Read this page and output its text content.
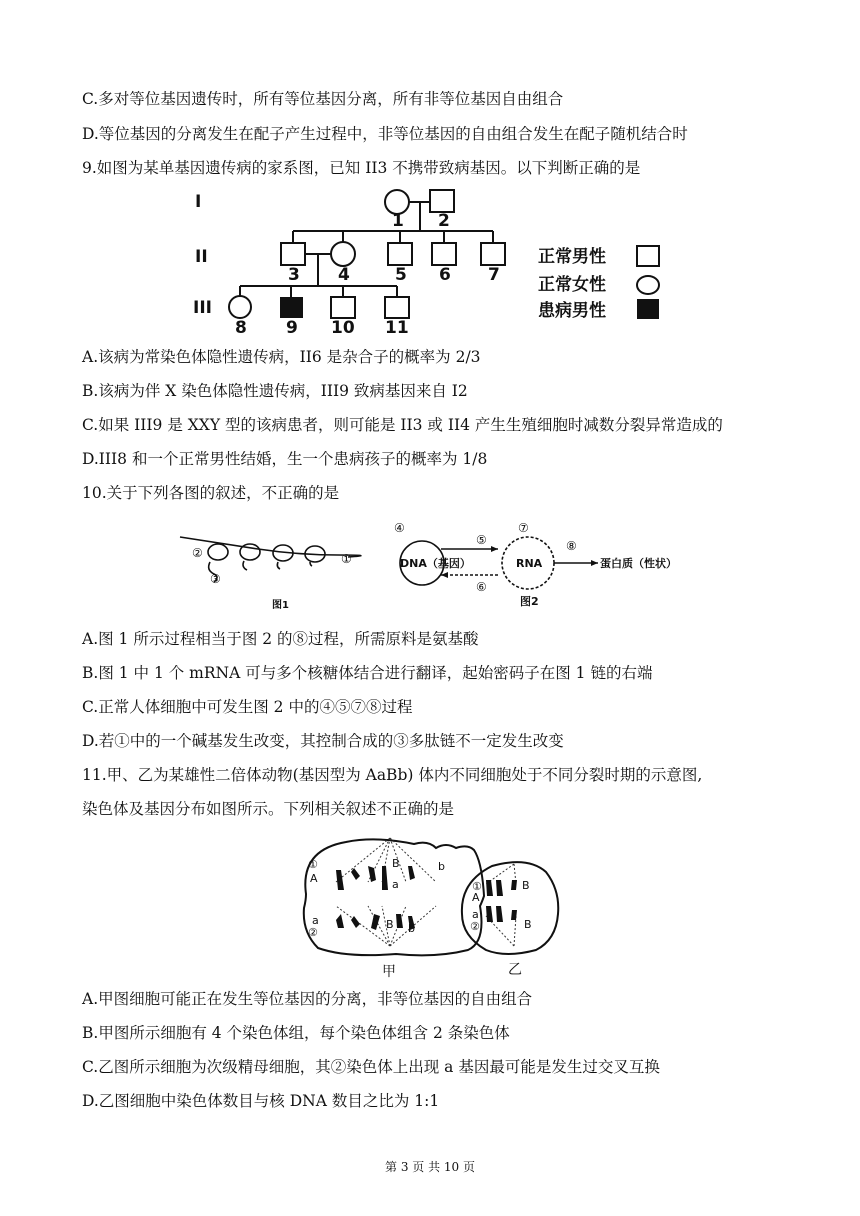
C.多对等位基因遗传时，所有等位基因分离，所有非等位基因自由组合
D.等位基因的分离发生在配子产生过程中，非等位基因的自由组合发生在配子随机结合时
9.如图为某单基因遗传病的家系图，已知 II3 不携带致病基因。以下判断正确的是
I
II
III
1 2
3 4	5 6 7
8 9 10 11
正常男性
正常女性
患病男性
A.该病为常染色体隐性遗传病，II6 是杂合子的概率为 2/3
B.该病为伴 X 染色体隐性遗传病，III9 致病基因来自 I2
C.如果 III9 是 XXY 型的该病患者，则可能是 II3 或 II4 产生生殖细胞时减数分裂异常造成的
D.III8 和一个正常男性结婚，生一个患病孩子的概率为 1/8
10.关于下列各图的叙述，不正确的是
②
③
①
④
DNA（基因）
⑤
⑥
⑦
RNA
⑧
蛋白质（性状）
图1	图2
A.图 1 所示过程相当于图 2 的⑧过程，所需原料是氨基酸
B.图 1 中 1 个 mRNA 可与多个核糖体结合进行翻译，起始密码子在图 1 链的右端
C.正常人体细胞中可发生图 2 中的④⑤⑦⑧过程
D.若①中的一个碱基发生改变，其控制合成的③多肽链不一定发生改变
11.甲、乙为某雄性二倍体动物(基因型为 AaBb) 体内不同细胞处于不同分裂时期的示意图,
染色体及基因分布如图所示。下列相关叙述不正确的是
①
A
B
a
b
a
②
B b
①
A
B
a
②	B
甲	乙
A.甲图细胞可能正在发生等位基因的分离，非等位基因的自由组合
B.甲图所示细胞有 4 个染色体组，每个染色体组含 2 条染色体
C.乙图所示细胞为次级精母细胞，其②染色体上出现 a 基因最可能是发生过交叉互换
D.乙图细胞中染色体数目与核 DNA 数目之比为 1:1
第 3 页 共 10 页
